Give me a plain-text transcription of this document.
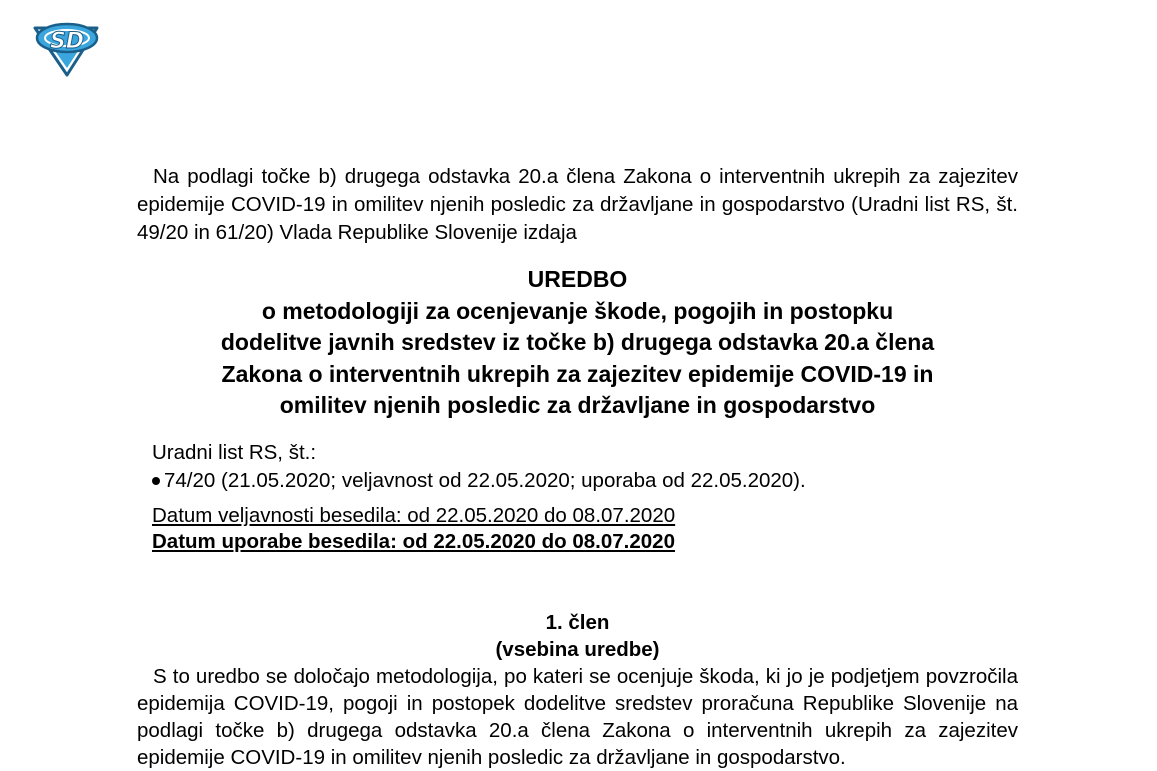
SD

Na podlagi točke b) drugega odstavka 20.a člena Zakona o interventnih ukrepih za zajezitev epidemije COVID-19 in omilitev njenih posledic za državljane in gospodarstvo (Uradni list RS, št. 49/20 in 61/20) Vlada Republike Slovenije izdaja

UREDBO
o metodologiji za ocenjevanje škode, pogojih in postopku
dodelitve javnih sredstev iz točke b) drugega odstavka 20.a člena
Zakona o interventnih ukrepih za zajezitev epidemije COVID-19 in
omilitev njenih posledic za državljane in gospodarstvo
Uradni list RS, št.:
74/20 (21.05.2020; veljavnost od 22.05.2020; uporaba od 22.05.2020).
Datum veljavnosti besedila: od 22.05.2020 do 08.07.2020
Datum uporabe besedila: od 22.05.2020 do 08.07.2020
1. člen
(vsebina uredbe)

S to uredbo se določajo metodologija, po kateri se ocenjuje škoda, ki jo je podjetjem povzročila epidemija COVID-19, pogoji in postopek dodelitve sredstev proračuna Republike Slovenije na podlagi točke b) drugega odstavka 20.a člena Zakona o interventnih ukrepih za zajezitev epidemije COVID-19 in omilitev njenih posledic za državljane in gospodarstvo.
